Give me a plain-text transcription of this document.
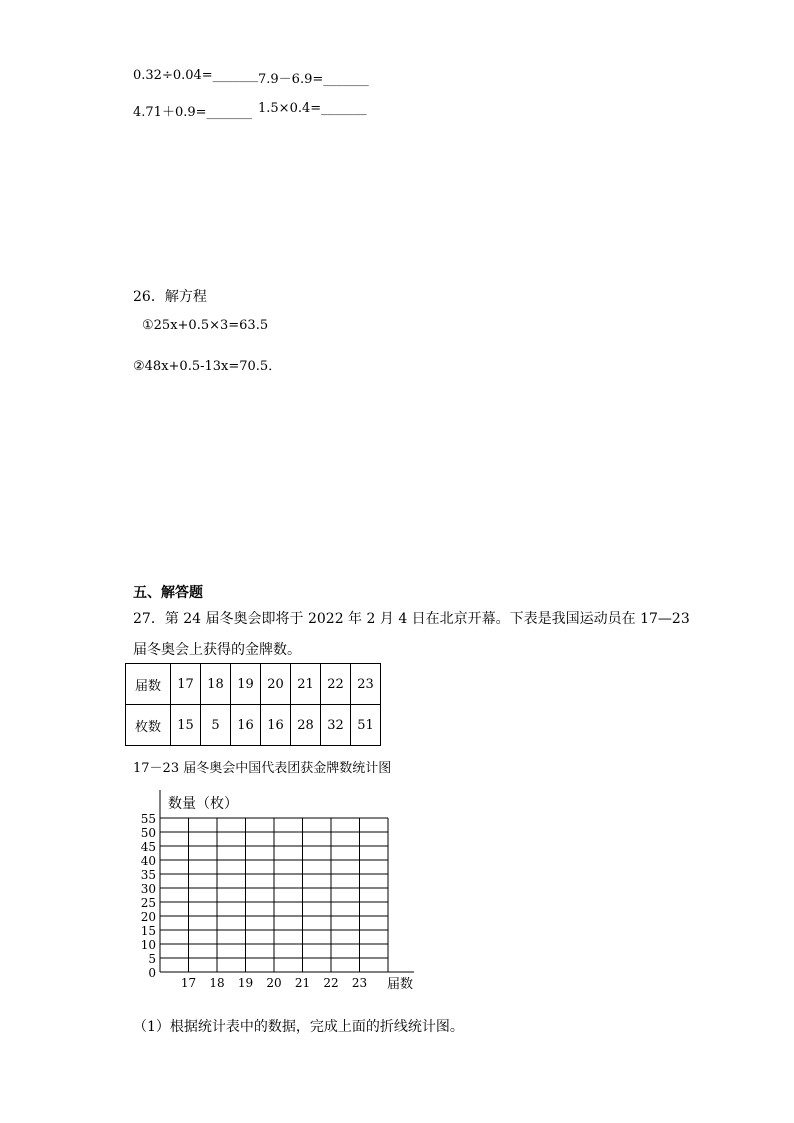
0.32÷0.04=_______ 7.9－6.9=_______
4.71＋0.9=_______ 1.5×0.4=_______
26．解方程
①25x+0.5×3=63.5
②48x+0.5-13x=70.5．
五、解答题
27．第 24 届冬奥会即将于 2022 年 2 月 4 日在北京开幕。下表是我国运动员在 17—23
届冬奥会上获得的金牌数。
届数	17	18	19	20	21	22	23
枚数	15	5	16	16	28	32	51
17－23 届冬奥会中国代表团获金牌数统计图
0
5
10
15
20
25
30
35
40
45
50
55
17 18 19 20 21 22 23
数量（枚）
届数
（1）根据统计表中的数据，完成上面的折线统计图。
